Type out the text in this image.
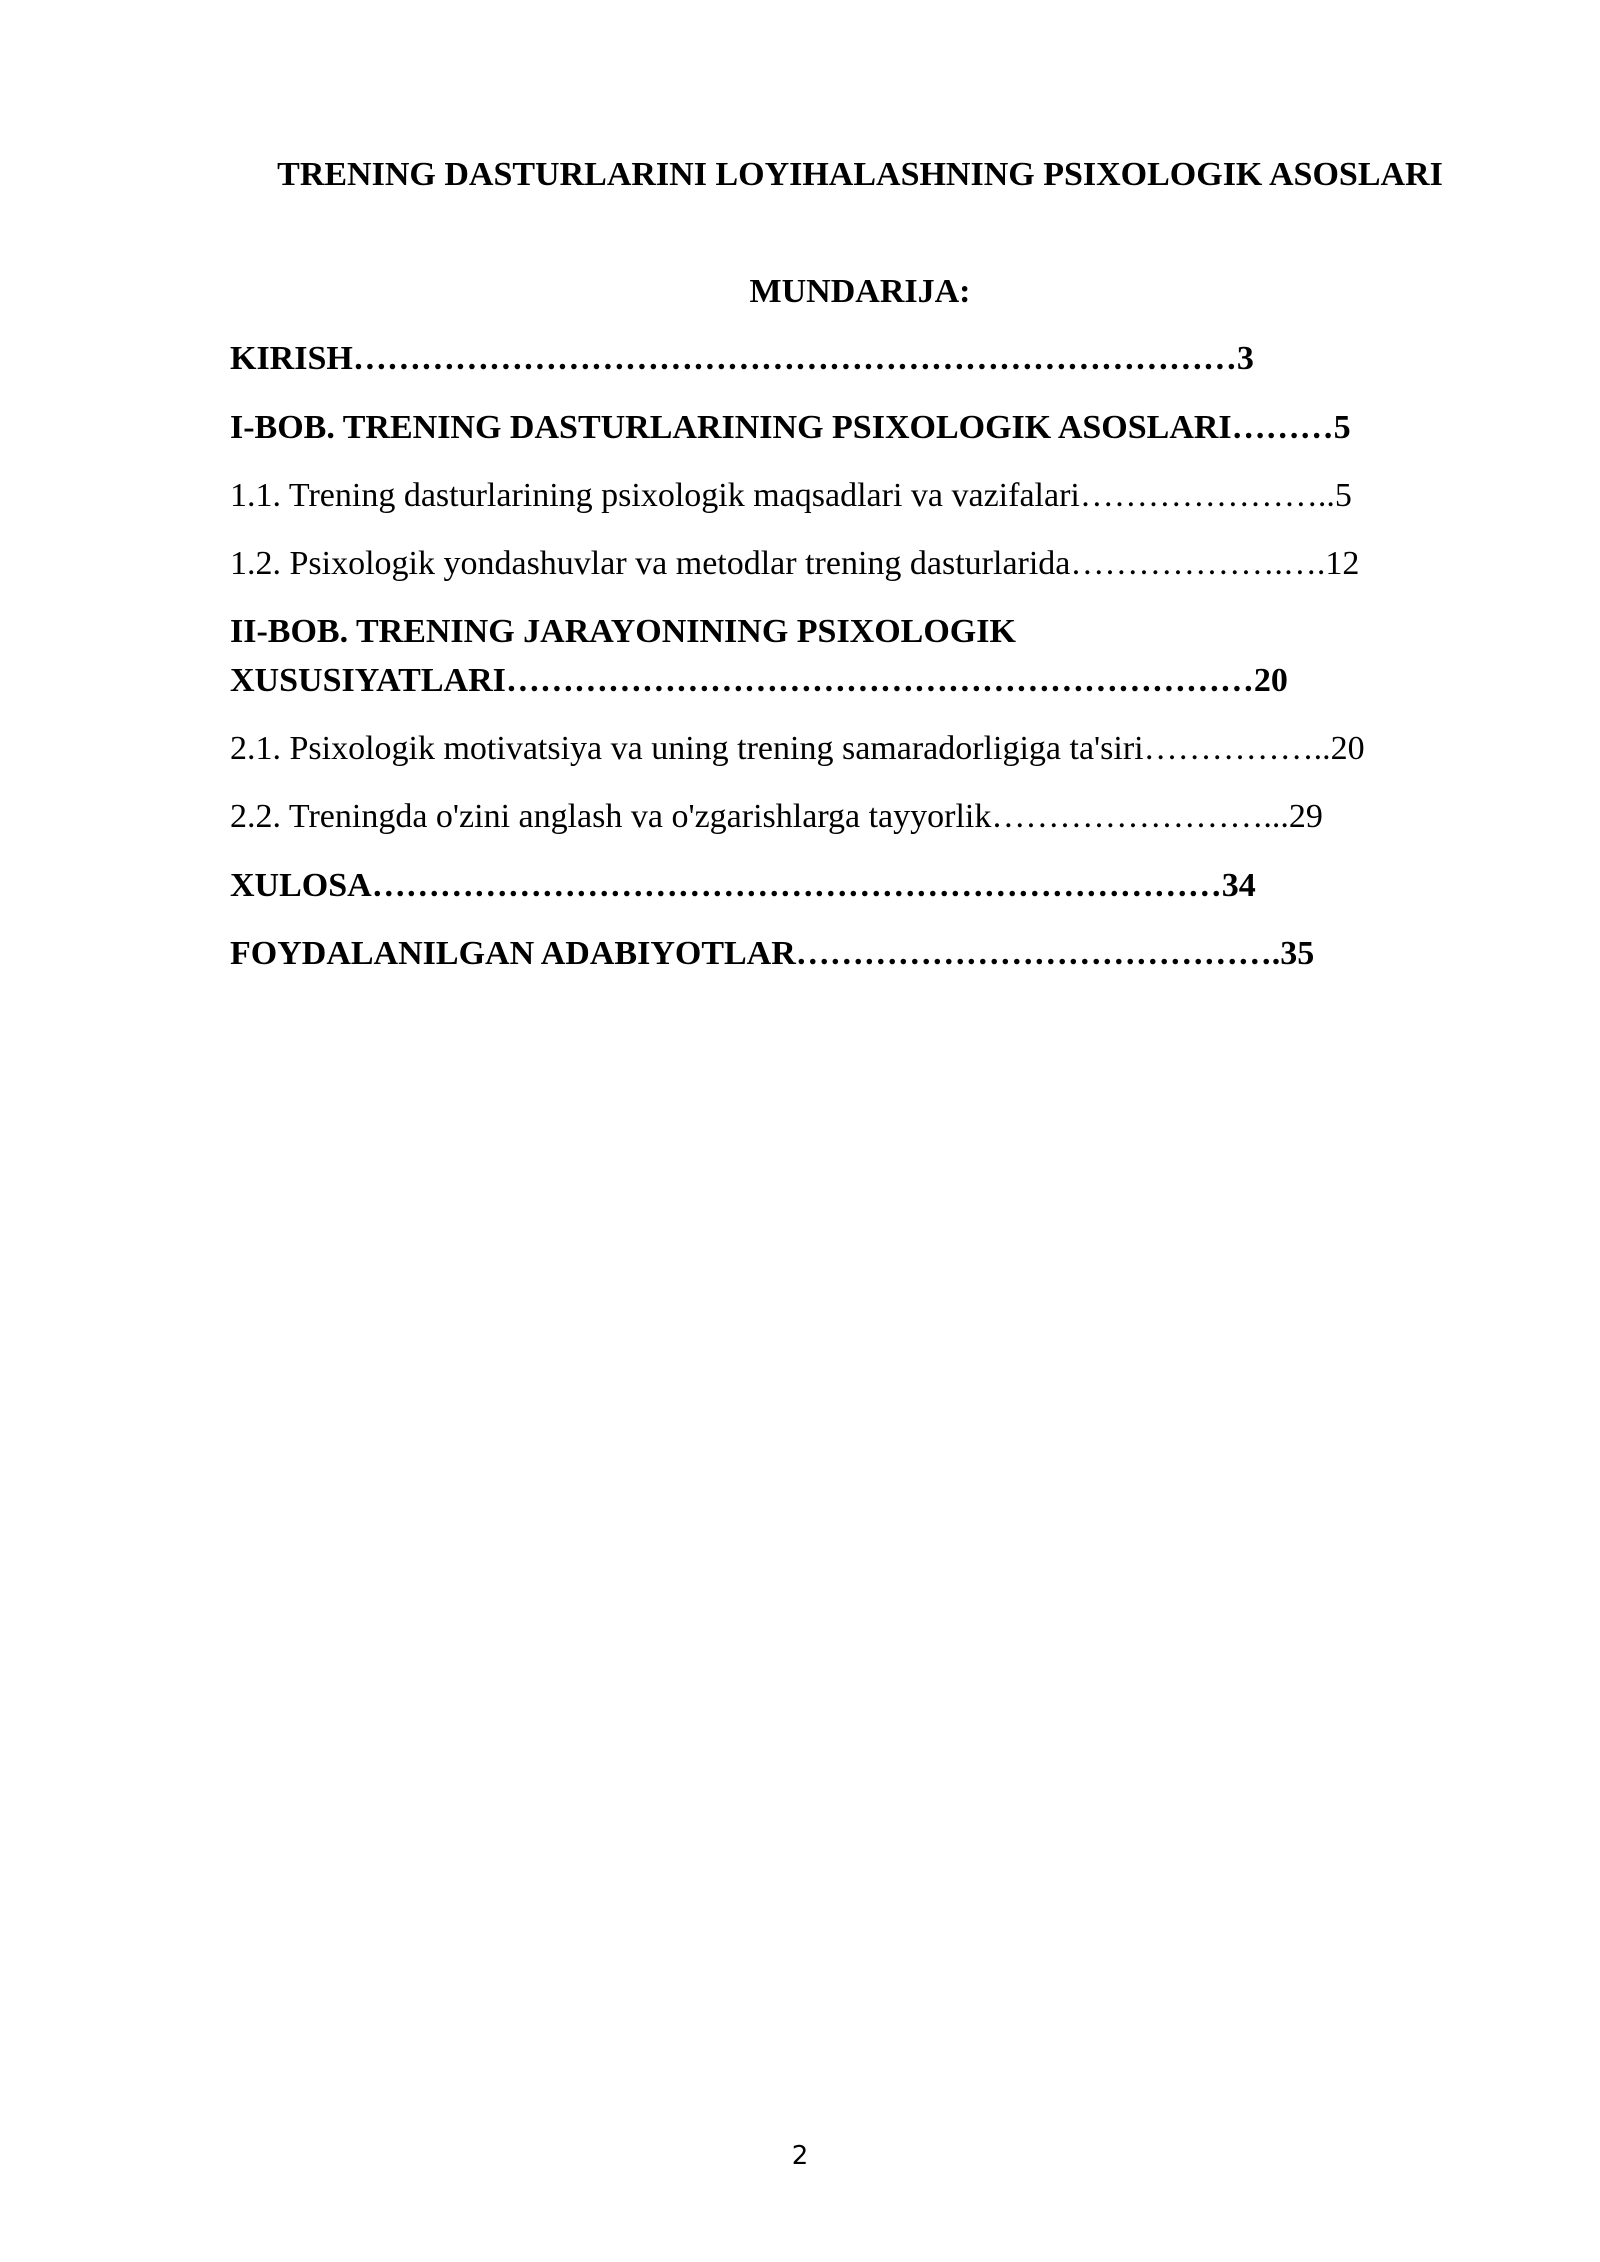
TRENING DASTURLARINI LOYIHALASHNING PSIXOLOGIK ASOSLARI
MUNDARIJA:

KIRISH……………………………………………………………………3

I-BOB. TRENING DASTURLARINING PSIXOLOGIK ASOSLARI………5

1.1. Trening dasturlarining psixologik maqsadlari va vazifalari…………………..5

1.2. Psixologik yondashuvlar va metodlar trening dasturlarida……………….….12

II-BOB. TRENING JARAYONINING PSIXOLOGIK

XUSUSIYATLARI…………………………………………………………20

2.1. Psixologik motivatsiya va uning trening samaradorligiga ta'siri……………..20

2.2. Treningda o'zini anglash va o'zgarishlarga tayyorlik……………………...29

XULOSA…………………………………………………………………34

FOYDALANILGAN ADABIYOTLAR…………………………………….35

2
